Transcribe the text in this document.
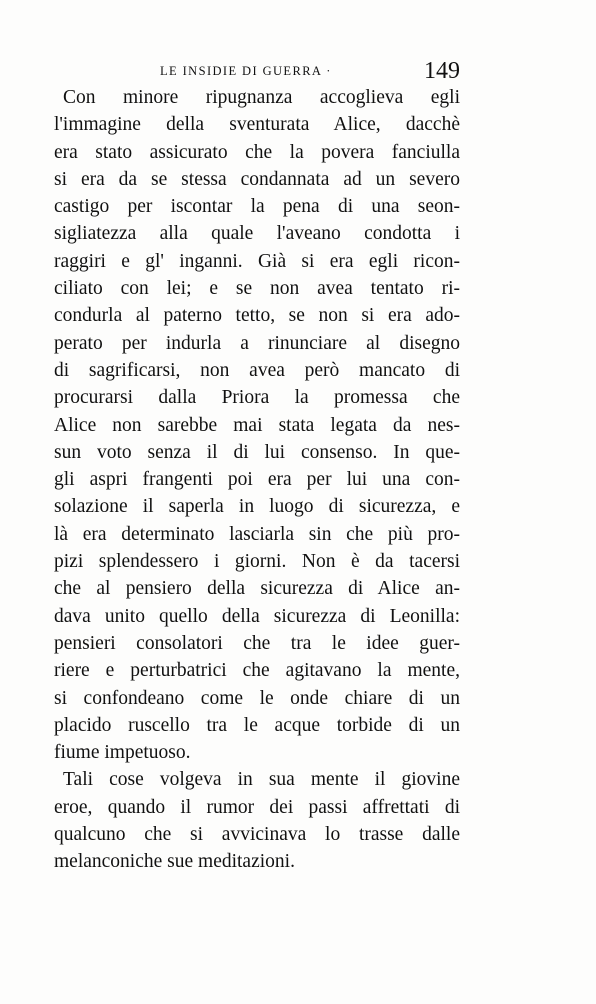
LE INSIDIE DI GUERRA ·	149
Con minore ripugnanza accoglieva egli
l'immagine della sventurata Alice, dacchè
era stato assicurato che la povera fanciulla
si era da se stessa condannata ad un severo
castigo per iscontar la pena di una seon-
sigliatezza alla quale l'aveano condotta i
raggiri e gl' inganni. Già si era egli ricon-
ciliato con lei; e se non avea tentato ri-
condurla al paterno tetto, se non si era ado-
perato per indurla a rinunciare al disegno
di sagrificarsi, non avea però mancato di
procurarsi dalla Priora la promessa che
Alice non sarebbe mai stata legata da nes-
sun voto senza il di lui consenso. In que-
gli aspri frangenti poi era per lui una con-
solazione il saperla in luogo di sicurezza, e
là era determinato lasciarla sin che più pro-
pizi splendessero i giorni. Non è da tacersi
che al pensiero della sicurezza di Alice an-
dava unito quello della sicurezza di Leonilla:
pensieri consolatori che tra le idee guer-
riere e perturbatrici che agitavano la mente,
si confondeano come le onde chiare di un
placido ruscello tra le acque torbide di un
fiume impetuoso.
Tali cose volgeva in sua mente il giovine
eroe, quando il rumor dei passi affrettati di
qualcuno che si avvicinava lo trasse dalle
melanconiche sue meditazioni.
